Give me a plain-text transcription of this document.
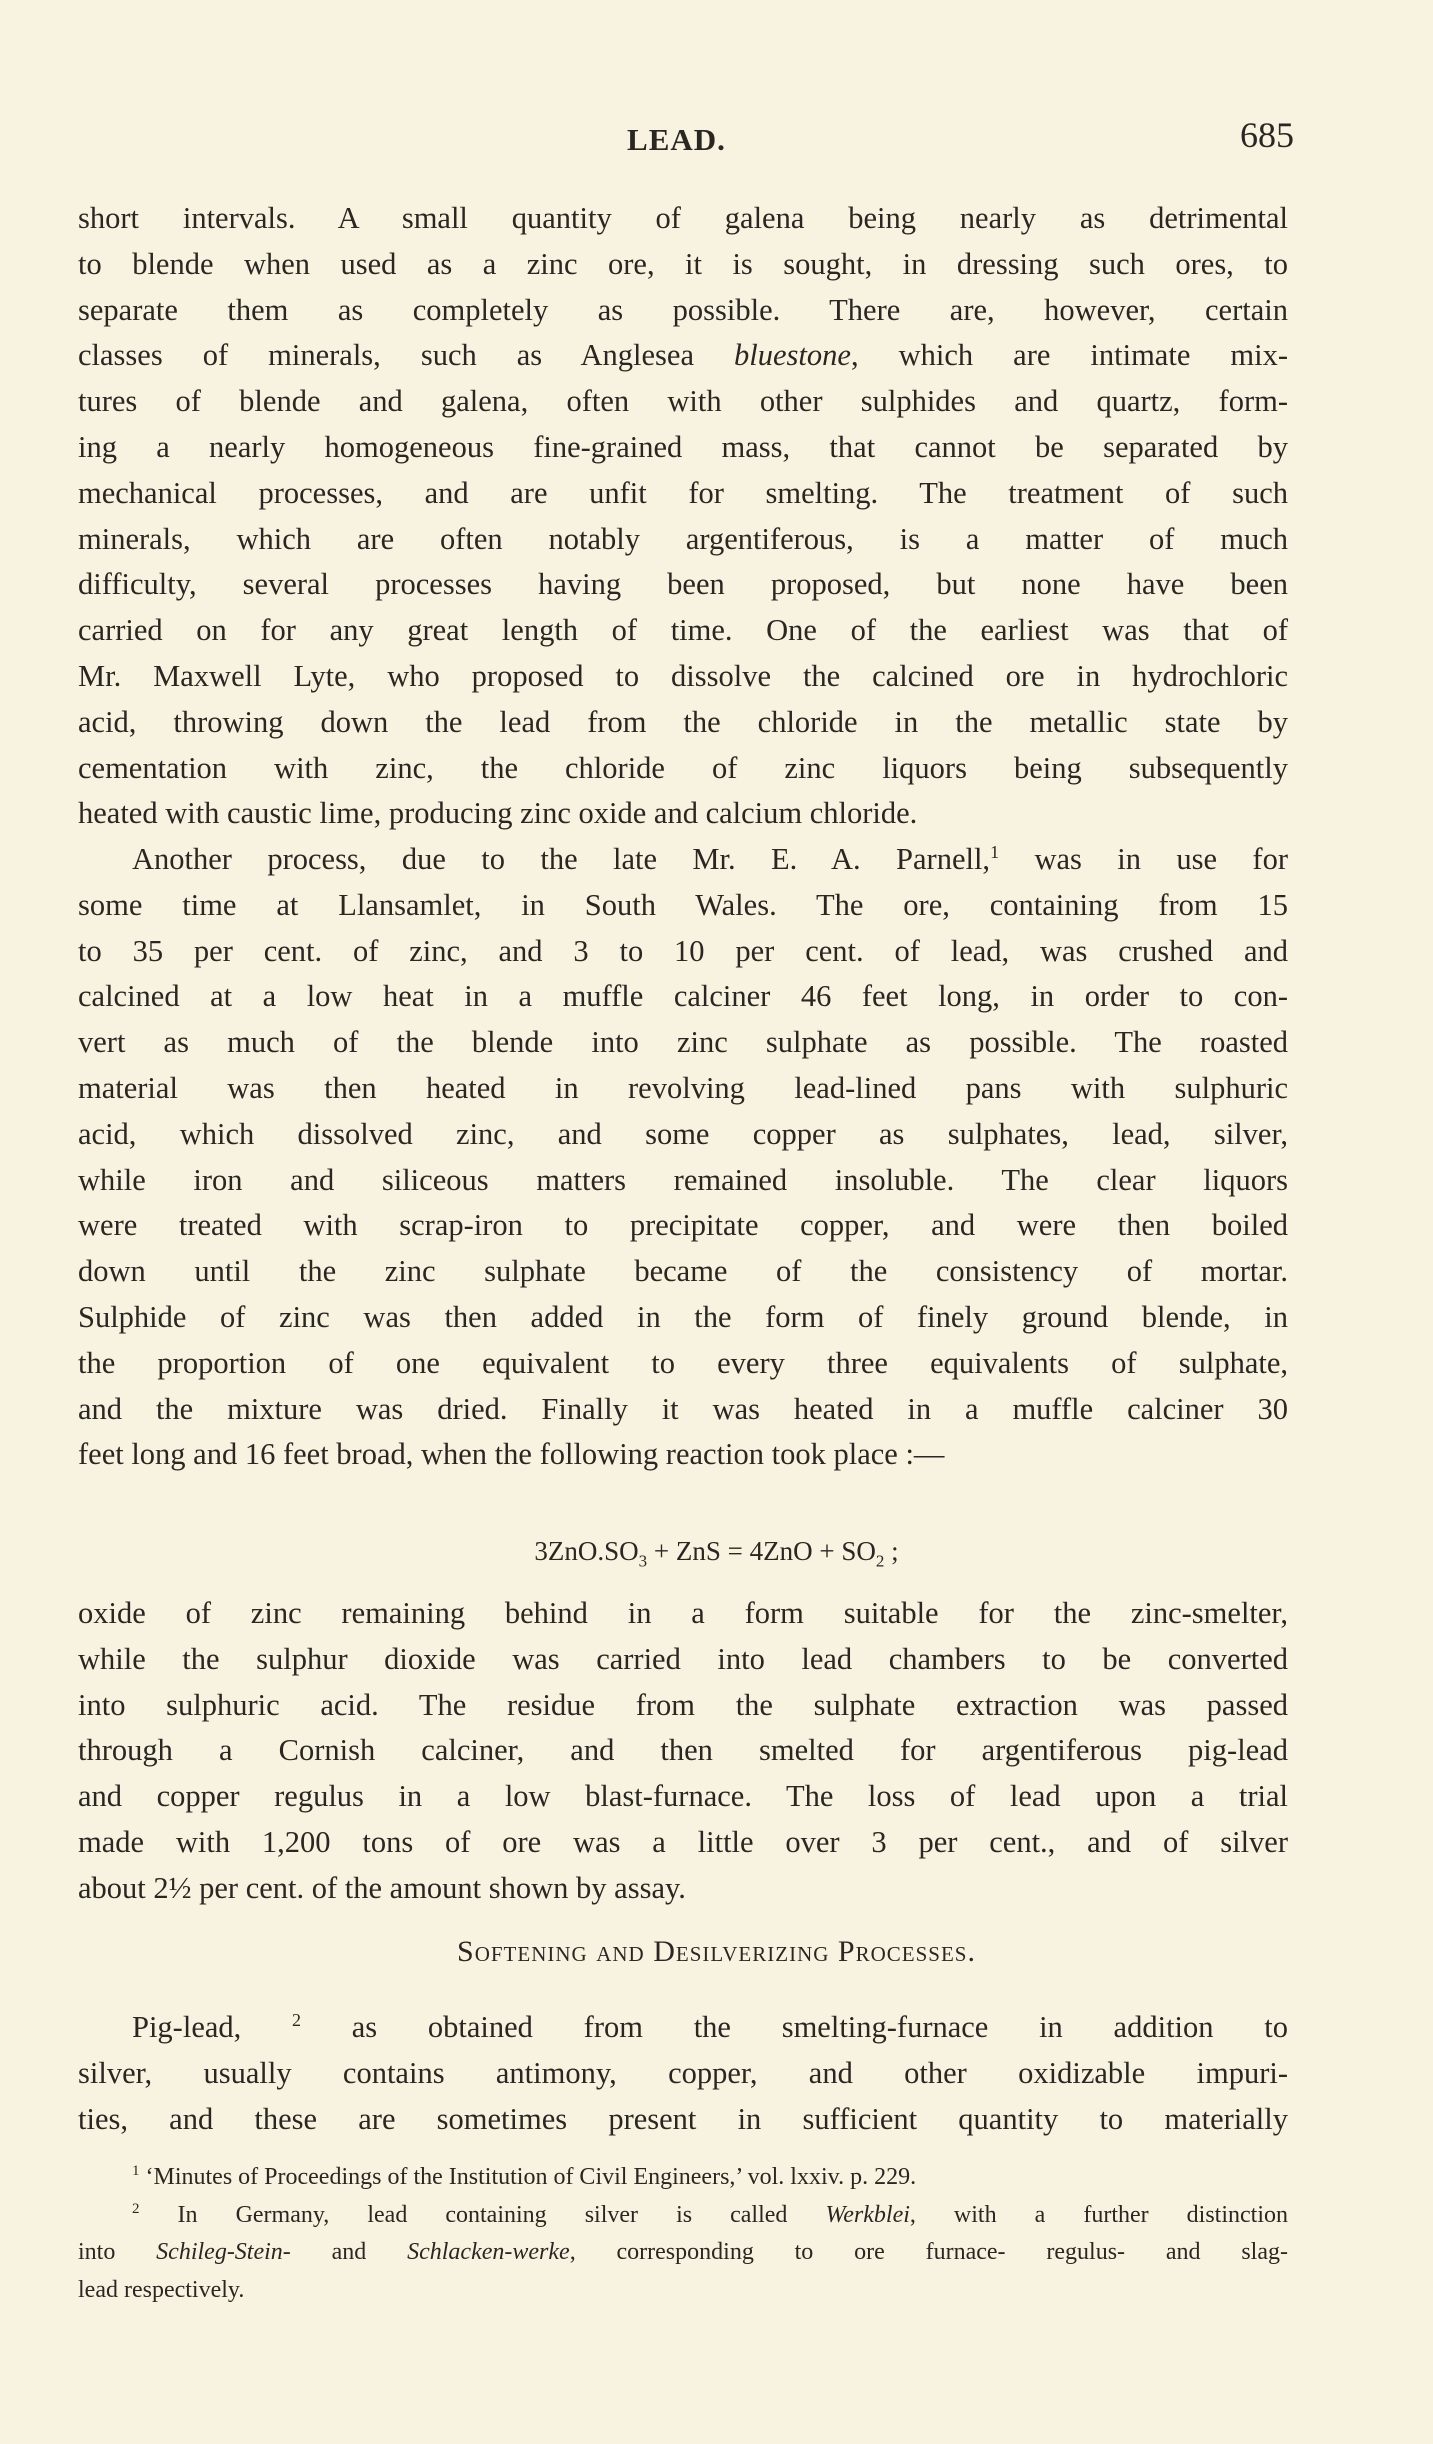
LEAD.	685
short intervals. A small quantity of galena being nearly as detrimental
to blende when used as a zinc ore, it is sought, in dressing such ores, to
separate them as completely as possible. There are, however, certain
classes of minerals, such as Anglesea bluestone, which are intimate mix-
tures of blende and galena, often with other sulphides and quartz, form-
ing a nearly homogeneous fine-grained mass, that cannot be separated by
mechanical processes, and are unfit for smelting. The treatment of such
minerals, which are often notably argentiferous, is a matter of much
difficulty, several processes having been proposed, but none have been
carried on for any great length of time. One of the earliest was that of
Mr. Maxwell Lyte, who proposed to dissolve the calcined ore in hydrochloric
acid, throwing down the lead from the chloride in the metallic state by
cementation with zinc, the chloride of zinc liquors being subsequently
heated with caustic lime, producing zinc oxide and calcium chloride.
Another process, due to the late Mr. E. A. Parnell,$^1$ was in use for
some time at Llansamlet, in South Wales. The ore, containing from 15
to 35 per cent. of zinc, and 3 to 10 per cent. of lead, was crushed and
calcined at a low heat in a muffle calciner 46 feet long, in order to con-
vert as much of the blende into zinc sulphate as possible. The roasted
material was then heated in revolving lead-lined pans with sulphuric
acid, which dissolved zinc, and some copper as sulphates, lead, silver,
while iron and siliceous matters remained insoluble. The clear liquors
were treated with scrap-iron to precipitate copper, and were then boiled
down until the zinc sulphate became of the consistency of mortar.
Sulphide of zinc was then added in the form of finely ground blende, in
the proportion of one equivalent to every three equivalents of sulphate,
and the mixture was dried. Finally it was heated in a muffle calciner 30
feet long and 16 feet broad, when the following reaction took place :—
$3ZnO.SO_3$ + ZnS = $4ZnO + SO_2$ ;
oxide of zinc remaining behind in a form suitable for the zinc-smelter,
while the sulphur dioxide was carried into lead chambers to be converted
into sulphuric acid. The residue from the sulphate extraction was passed
through a Cornish calciner, and then smelted for argentiferous pig-lead
and copper regulus in a low blast-furnace. The loss of lead upon a trial
made with 1,200 tons of ore was a little over 3 per cent., and of silver
about 2½ per cent. of the amount shown by assay.
Softening and Desilverizing Processes.
Pig-lead, $^2$ as obtained from the smelting-furnace in addition to
silver, usually contains antimony, copper, and other oxidizable impuri-
ties, and these are sometimes present in sufficient quantity to materially
$^1$ ‘Minutes of Proceedings of the Institution of Civil Engineers,’ vol. lxxiv. p. 229.
$^2$ In Germany, lead containing silver is called Werkblei, with a further distinction
into Schileg-Stein- and Schlacken-werke, corresponding to ore furnace- regulus- and slag-
lead respectively.
